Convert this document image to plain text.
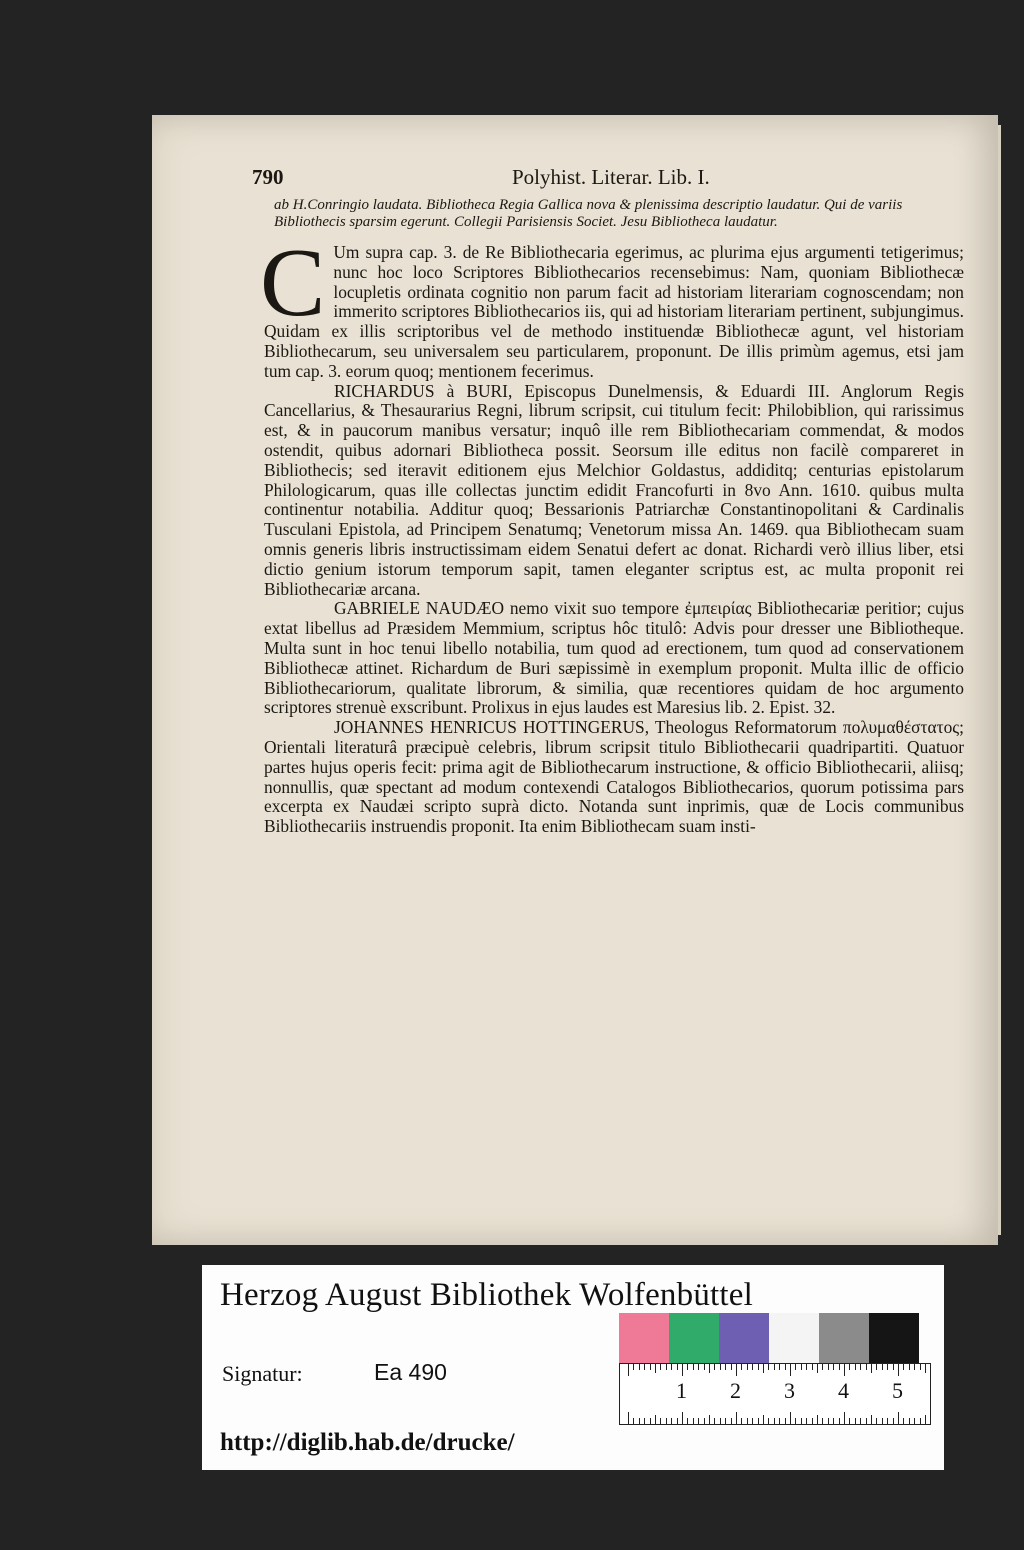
790	Polyhist. Literar. Lib. I.
ab H.Conringio laudata. Bibliotheca Regia Gallica nova & plenissima descriptio laudatur. Qui de variis Bibliothecis sparsim egerunt. Collegii Parisiensis Societ. Jesu Bibliotheca laudatur.

C Um supra cap. 3. de Re Bibliothecaria egerimus, ac plurima ejus argumenti tetigerimus; nunc hoc loco Scriptores Bibliothecarios recensebimus: Nam, quoniam Bibliothecæ locupletis ordinata cognitio non parum facit ad historiam literariam cognoscendam; non immerito scriptores Bibliothecarios iis, qui ad historiam literariam pertinent, subjungimus. Quidam ex illis scriptoribus vel de methodo instituendæ Bibliothecæ agunt, vel historiam Bibliothecarum, seu universalem seu particularem, proponunt. De illis primùm agemus, etsi jam tum cap. 3. eorum quoq; mentionem fecerimus.

RICHARDUS à BURI, Episcopus Dunelmensis, & Eduardi III. Anglorum Regis Cancellarius, & Thesaurarius Regni, librum scripsit, cui titulum fecit: Philobiblion, qui rarissimus est, & in paucorum manibus versatur; inquô ille rem Bibliothecariam commendat, & modos ostendit, quibus adornari Bibliotheca possit. Seorsum ille editus non facilè compareret in Bibliothecis; sed iteravit editionem ejus Melchior Goldastus, addiditq; centurias epistolarum Philologicarum, quas ille collectas junctim edidit Francofurti in 8vo Ann. 1610. quibus multa continentur notabilia. Additur quoq; Bessarionis Patriarchæ Constantinopolitani & Cardinalis Tusculani Epistola, ad Principem Senatumq; Venetorum missa An. 1469. qua Bibliothecam suam omnis generis libris instructissimam eidem Senatui defert ac donat. Richardi verò illius liber, etsi dictio genium istorum temporum sapit, tamen eleganter scriptus est, ac multa proponit rei Bibliothecariæ arcana.

GABRIELE NAUDÆO nemo vixit suo tempore ἐμπειρίας Bibliothecariæ peritior; cujus extat libellus ad Præsidem Memmium, scriptus hôc titulô: Advis pour dresser une Bibliotheque. Multa sunt in hoc tenui libello notabilia, tum quod ad erectionem, tum quod ad conservationem Bibliothecæ attinet. Richardum de Buri sæpissimè in exemplum proponit. Multa illic de officio Bibliothecariorum, qualitate librorum, & similia, quæ recentiores quidam de hoc argumento scriptores strenuè exscribunt. Prolixus in ejus laudes est Maresius lib. 2. Epist. 32.

JOHANNES HENRICUS HOTTINGERUS, Theologus Reformatorum πολυμαθέστατος; Orientali literaturâ præcipuè celebris, librum scripsit titulo Bibliothecarii quadripartiti. Quatuor partes hujus operis fecit: prima agit de Bibliothecarum instructione, & officio Bibliothecarii, aliisq; nonnullis, quæ spectant ad modum contexendi Catalogos Bibliothecarios, quorum potissima pars excerpta ex Naudæi scripto suprà dicto. Notanda sunt inprimis, quæ de Locis communibus Bibliothecariis instruendis proponit. Ita enim Bibliothecam suam insti-

Herzog August Bibliothek Wolfenbüttel
Signatur:	Ea 490
http://diglib.hab.de/drucke/
1 2 3 4 5
